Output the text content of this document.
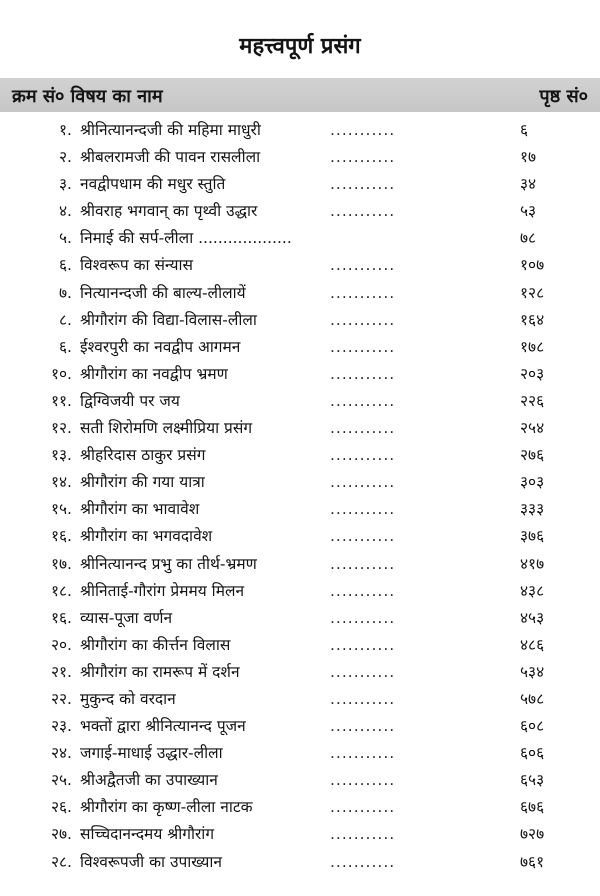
महत्त्वपूर्ण प्रसंग
क्रम सं० विषय का नाम	पृष्ठ सं०
१. श्रीनित्यानन्दजी की महिमा माधुरी	...........	६
२. श्रीबलरामजी की पावन रासलीला	...........	१७
३. नवद्वीपधाम की मधुर स्तुति	...........	३४
४. श्रीवराह भगवान् का पृथ्वी उद्धार	...........	५३
५. निमाई की सर्प-लीला ...................	७८
६. विश्वरूप का संन्यास	...........	१०७
७. नित्यानन्दजी की बाल्य-लीलायें	...........	१२८
८. श्रीगौरांग की विद्या-विलास-लीला	...........	१६४
६. ईश्वरपुरी का नवद्वीप आगमन	...........	१७८
१०. श्रीगौरांग का नवद्वीप भ्रमण	...........	२०३
११. द्विग्विजयी पर जय	...........	२२६
१२. सती शिरोमणि लक्ष्मीप्रिया प्रसंग	...........	२५४
१३. श्रीहरिदास ठाकुर प्रसंग	...........	२७६
१४. श्रीगौरांग की गया यात्रा	...........	३०३
१५. श्रीगौरांग का भावावेश	...........	३३३
१६. श्रीगौरांग का भगवदावेश	...........	३७६
१७. श्रीनित्यानन्द प्रभु का तीर्थ-भ्रमण	...........	४१७
१८. श्रीनिताई-गौरांग प्रेममय मिलन	...........	४३८
१६. व्यास-पूजा वर्णन	...........	४५३
२०. श्रीगौरांग का कीर्त्तन विलास	...........	४८६
२१. श्रीगौरांग का रामरूप में दर्शन	...........	५३४
२२. मुकुन्द को वरदान	...........	५७८
२३. भक्तों द्वारा श्रीनित्यानन्द पूजन	...........	६०८
२४. जगाई-माधाई उद्धार-लीला	...........	६०६
२५. श्रीअद्वैतजी का उपाख्यान	...........	६५३
२६. श्रीगौरांग का कृष्ण-लीला नाटक	...........	६७६
२७. सच्चिदानन्दमय श्रीगौरांग	...........	७२७
२८. विश्वरूपजी का उपाख्यान	...........	७६१
